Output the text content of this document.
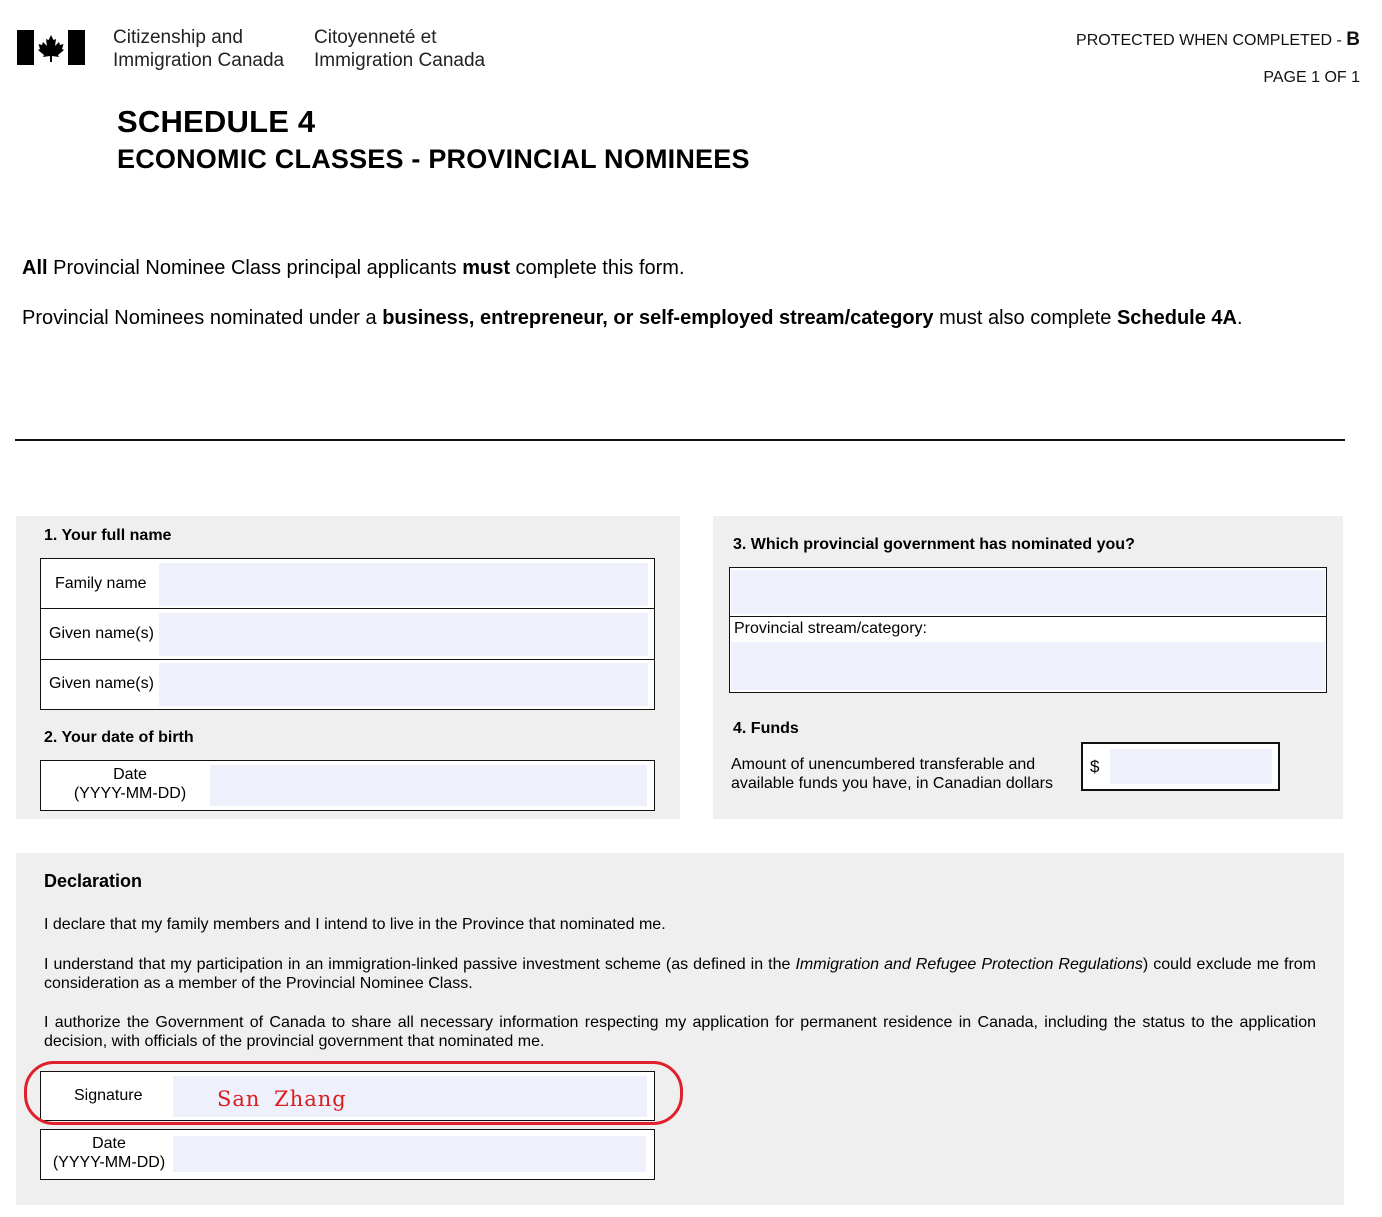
Citizenship and
Immigration Canada
Citoyenneté et
Immigration Canada
PROTECTED WHEN COMPLETED - B
PAGE 1 OF 1
SCHEDULE 4
ECONOMIC CLASSES - PROVINCIAL NOMINEES
All Provincial Nominee Class principal applicants must complete this form.
Provincial Nominees nominated under a business, entrepreneur, or self-employed stream/category must also complete Schedule 4A.
1. Your full name
Family name
Given name(s)
Given name(s)
2. Your date of birth
Date
(YYYY-MM-DD)
3. Which provincial government has nominated you?
Provincial stream/category:
4. Funds
Amount of unencumbered transferable and
available funds you have, in Canadian dollars
$
Declaration
I declare that my family members and I intend to live in the Province that nominated me.
I understand that my participation in an immigration-linked passive investment scheme (as defined in the Immigration and Refugee Protection Regulations) could exclude me from consideration as a member of the Provincial Nominee Class.
I authorize the Government of Canada to share all necessary information respecting my application for permanent residence in Canada, including the status to the application decision, with officials of the provincial government that nominated me.
Signature	San Zhang
Date
(YYYY-MM-DD)
